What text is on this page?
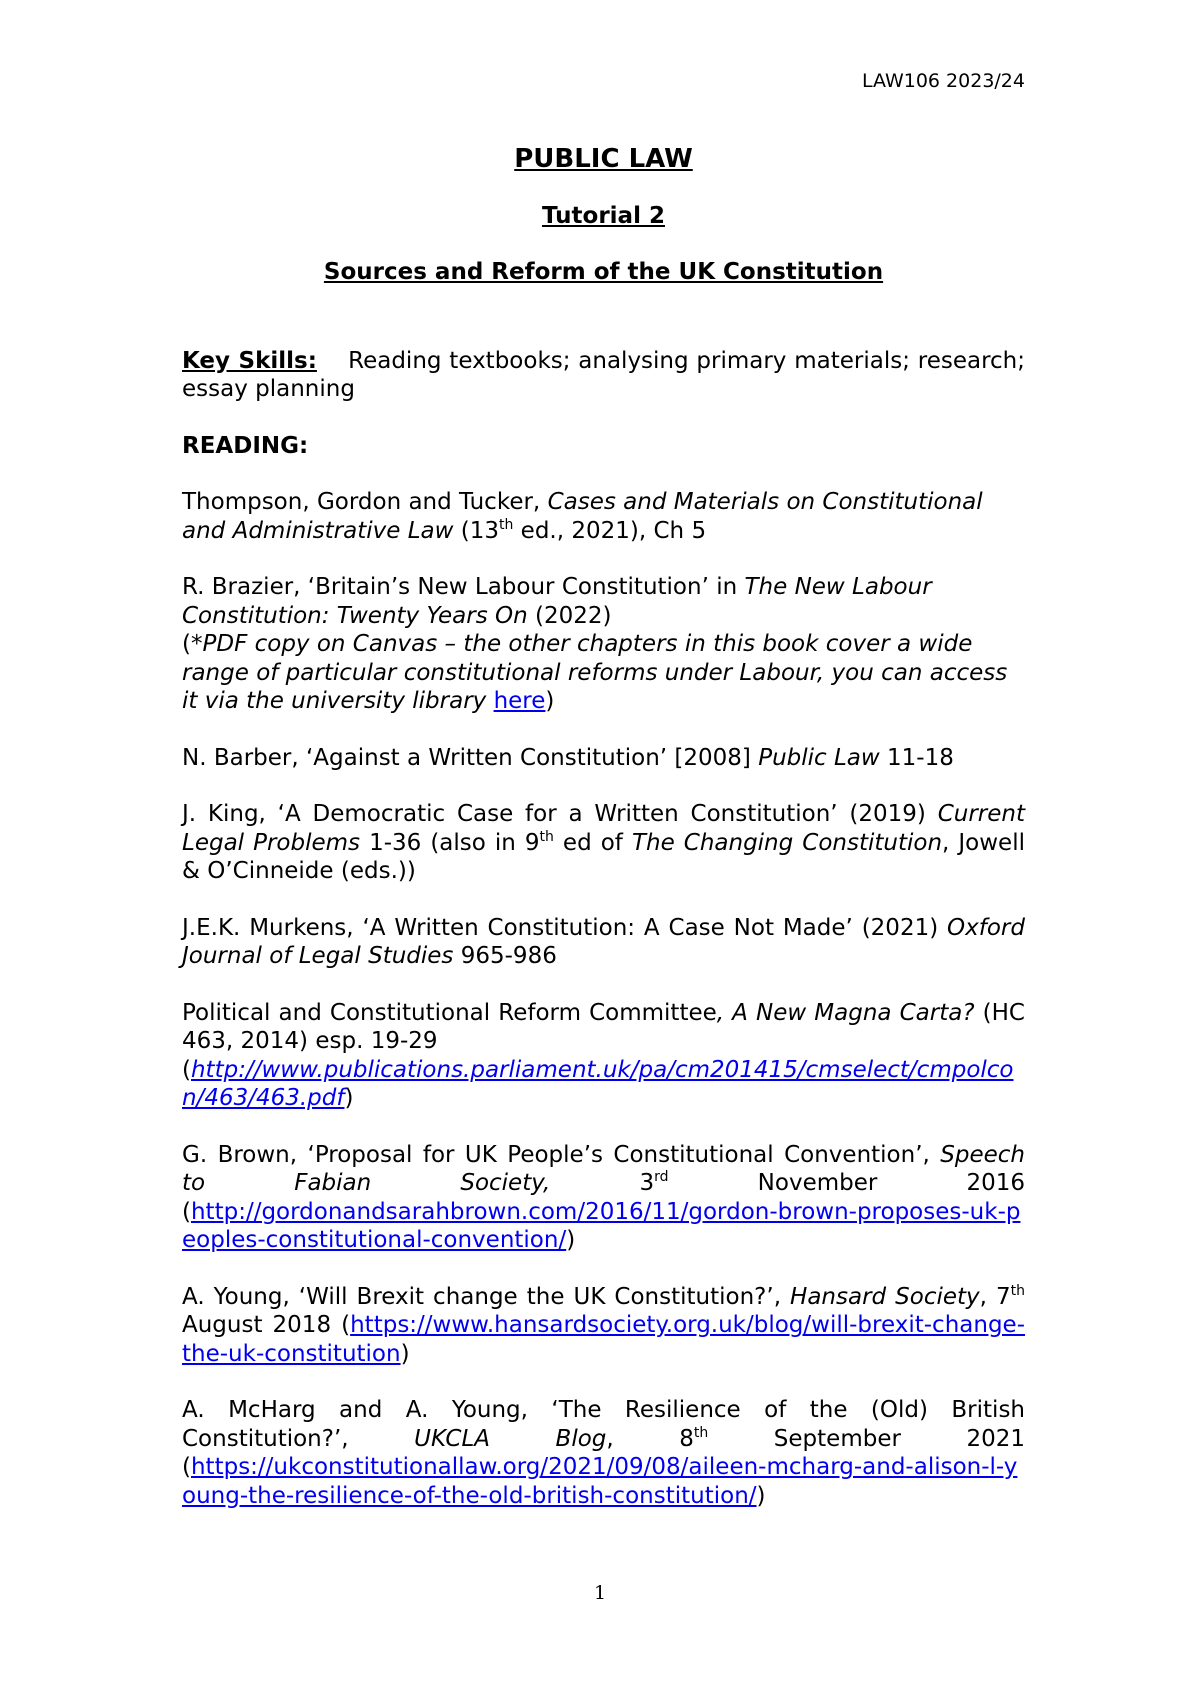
LAW106 2023/24

PUBLIC LAW

Tutorial 2

Sources and Reform of the UK Constitution

Key Skills: Reading textbooks; analysing primary materials; research; essay planning

READING:

Thompson, Gordon and Tucker, Cases and Materials on Constitutional and Administrative Law (13th ed., 2021), Ch 5

R. Brazier, ‘Britain’s New Labour Constitution’ in The New Labour Constitution: Twenty Years On (2022)
(*PDF copy on Canvas – the other chapters in this book cover a wide range of particular constitutional reforms under Labour, you can access it via the university library here)

N. Barber, ‘Against a Written Constitution’ [2008] Public Law 11-18

J. King, ‘A Democratic Case for a Written Constitution’ (2019) Current Legal Problems 1-36 (also in 9th ed of The Changing Constitution, Jowell & O’Cinneide (eds.))

J.E.K. Murkens, ‘A Written Constitution: A Case Not Made’ (2021) Oxford Journal of Legal Studies 965-986

Political and Constitutional Reform Committee, A New Magna Carta? (HC 463, 2014) esp. 19-29
(http://www.publications.parliament.uk/pa/cm201415/cmselect/cmpolcon/463/463.pdf)

G. Brown, ‘Proposal for UK People’s Constitutional Convention’, Speech to Fabian Society, 3rd November 2016
(http://gordonandsarahbrown.com/2016/11/gordon-brown-proposes-uk-peoples-constitutional-convention/)

A. Young, ‘Will Brexit change the UK Constitution?’, Hansard Society, 7th August 2018 (https://www.hansardsociety.org.uk/blog/will-brexit-change-the-uk-constitution)

A. McHarg and A. Young, ‘The Resilience of the (Old) British Constitution?’, UKCLA Blog, 8th September 2021
(https://ukconstitutionallaw.org/2021/09/08/aileen-mcharg-and-alison-l-young-the-resilience-of-the-old-british-constitution/)

1
